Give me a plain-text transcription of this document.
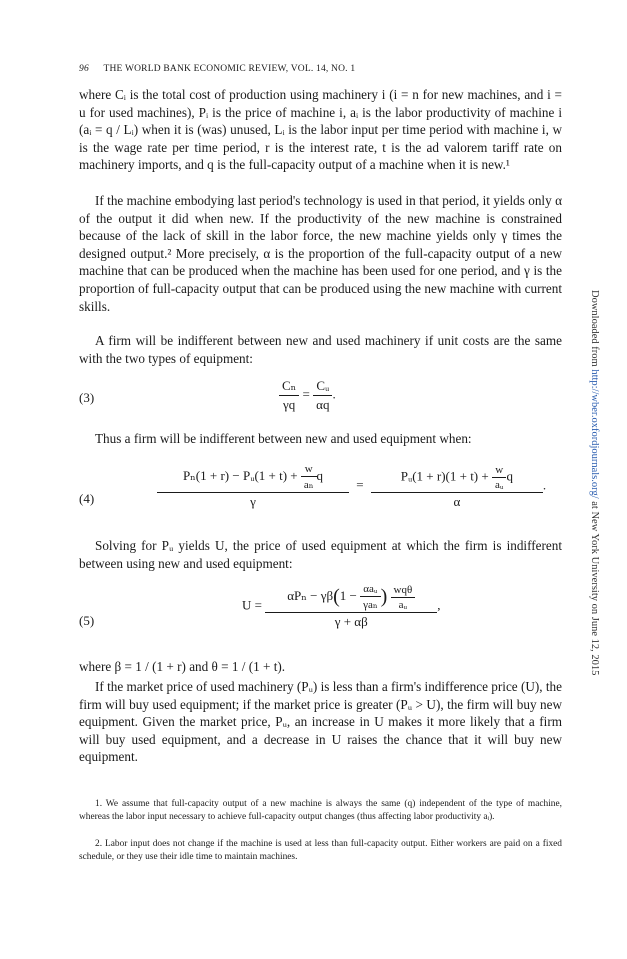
96 THE WORLD BANK ECONOMIC REVIEW, VOL. 14, NO. 1

where Cᵢ is the total cost of production using machinery i (i = n for new machines, and i = u for used machines), Pᵢ is the price of machine i, aᵢ is the labor productivity of machine i (aᵢ = q / Lᵢ) when it is (was) unused, Lᵢ is the labor input per time period with machine i, w is the wage rate per time period, r is the interest rate, t is the ad valorem tariff rate on machinery imports, and q is the full-capacity output of a machine when it is new.¹

If the machine embodying last period's technology is used in that period, it yields only α of the output it did when new. If the productivity of the new machine is constrained because of the lack of skill in the labor force, the new machine yields only γ times the designed output.² More precisely, α is the proportion of the full-capacity output of a new machine that can be produced when the machine has been used for one period, and γ is the proportion of full-capacity output that can be produced using the new machine with current skills.

A firm will be indifferent between new and used machinery if unit costs are the same with the two types of equipment:

(3)	$\frac{\text{Cₙ}}{\gamma q} = \frac{\text{Cᵤ}}{\alpha q}$ .

Thus a firm will be indifferent between new and used equipment when:

(4)
Pₙ(1 + r) − Pᵤ(1 + $t) + \frac{w}{\text{aₙ}}$ q
γ
=
Pᵤ(1 + $r)(1 + t) + \frac{w}{\text{aᵤ}}$ q
α
.

Solving for Pᵤ yields U, the price of used equipment at which the firm is indifferent between using new and used equipment:

(5)
U =
$\alpha P_n - \gamma\beta(1 - \frac{\text{αaᵤ}}{\text{γaₙ}}$ ) $\frac{\text{wqθ}}{\text{aᵤ}}$
γ + αβ
,

where β = 1 / (1 + r) and θ = 1 / (1 + t).

If the market price of used machinery (Pᵤ) is less than a firm's indifference price (U), the firm will buy used equipment; if the market price is greater (Pᵤ > U), the firm will buy new equipment. Given the market price, Pᵤ, an increase in U makes it more likely that a firm will buy used equipment, and a decrease in U raises the chance that it will buy new equipment.

1. We assume that full-capacity output of a new machine is always the same (q) independent of the type of machine, whereas the labor input necessary to achieve full-capacity output changes (thus affecting labor productivity aᵢ).

2. Labor input does not change if the machine is used at less than full-capacity output. Either workers are paid on a fixed schedule, or they use their idle time to maintain machines.

Downloaded from http://wber.oxfordjournals.org/ at New York University on June 12, 2015
